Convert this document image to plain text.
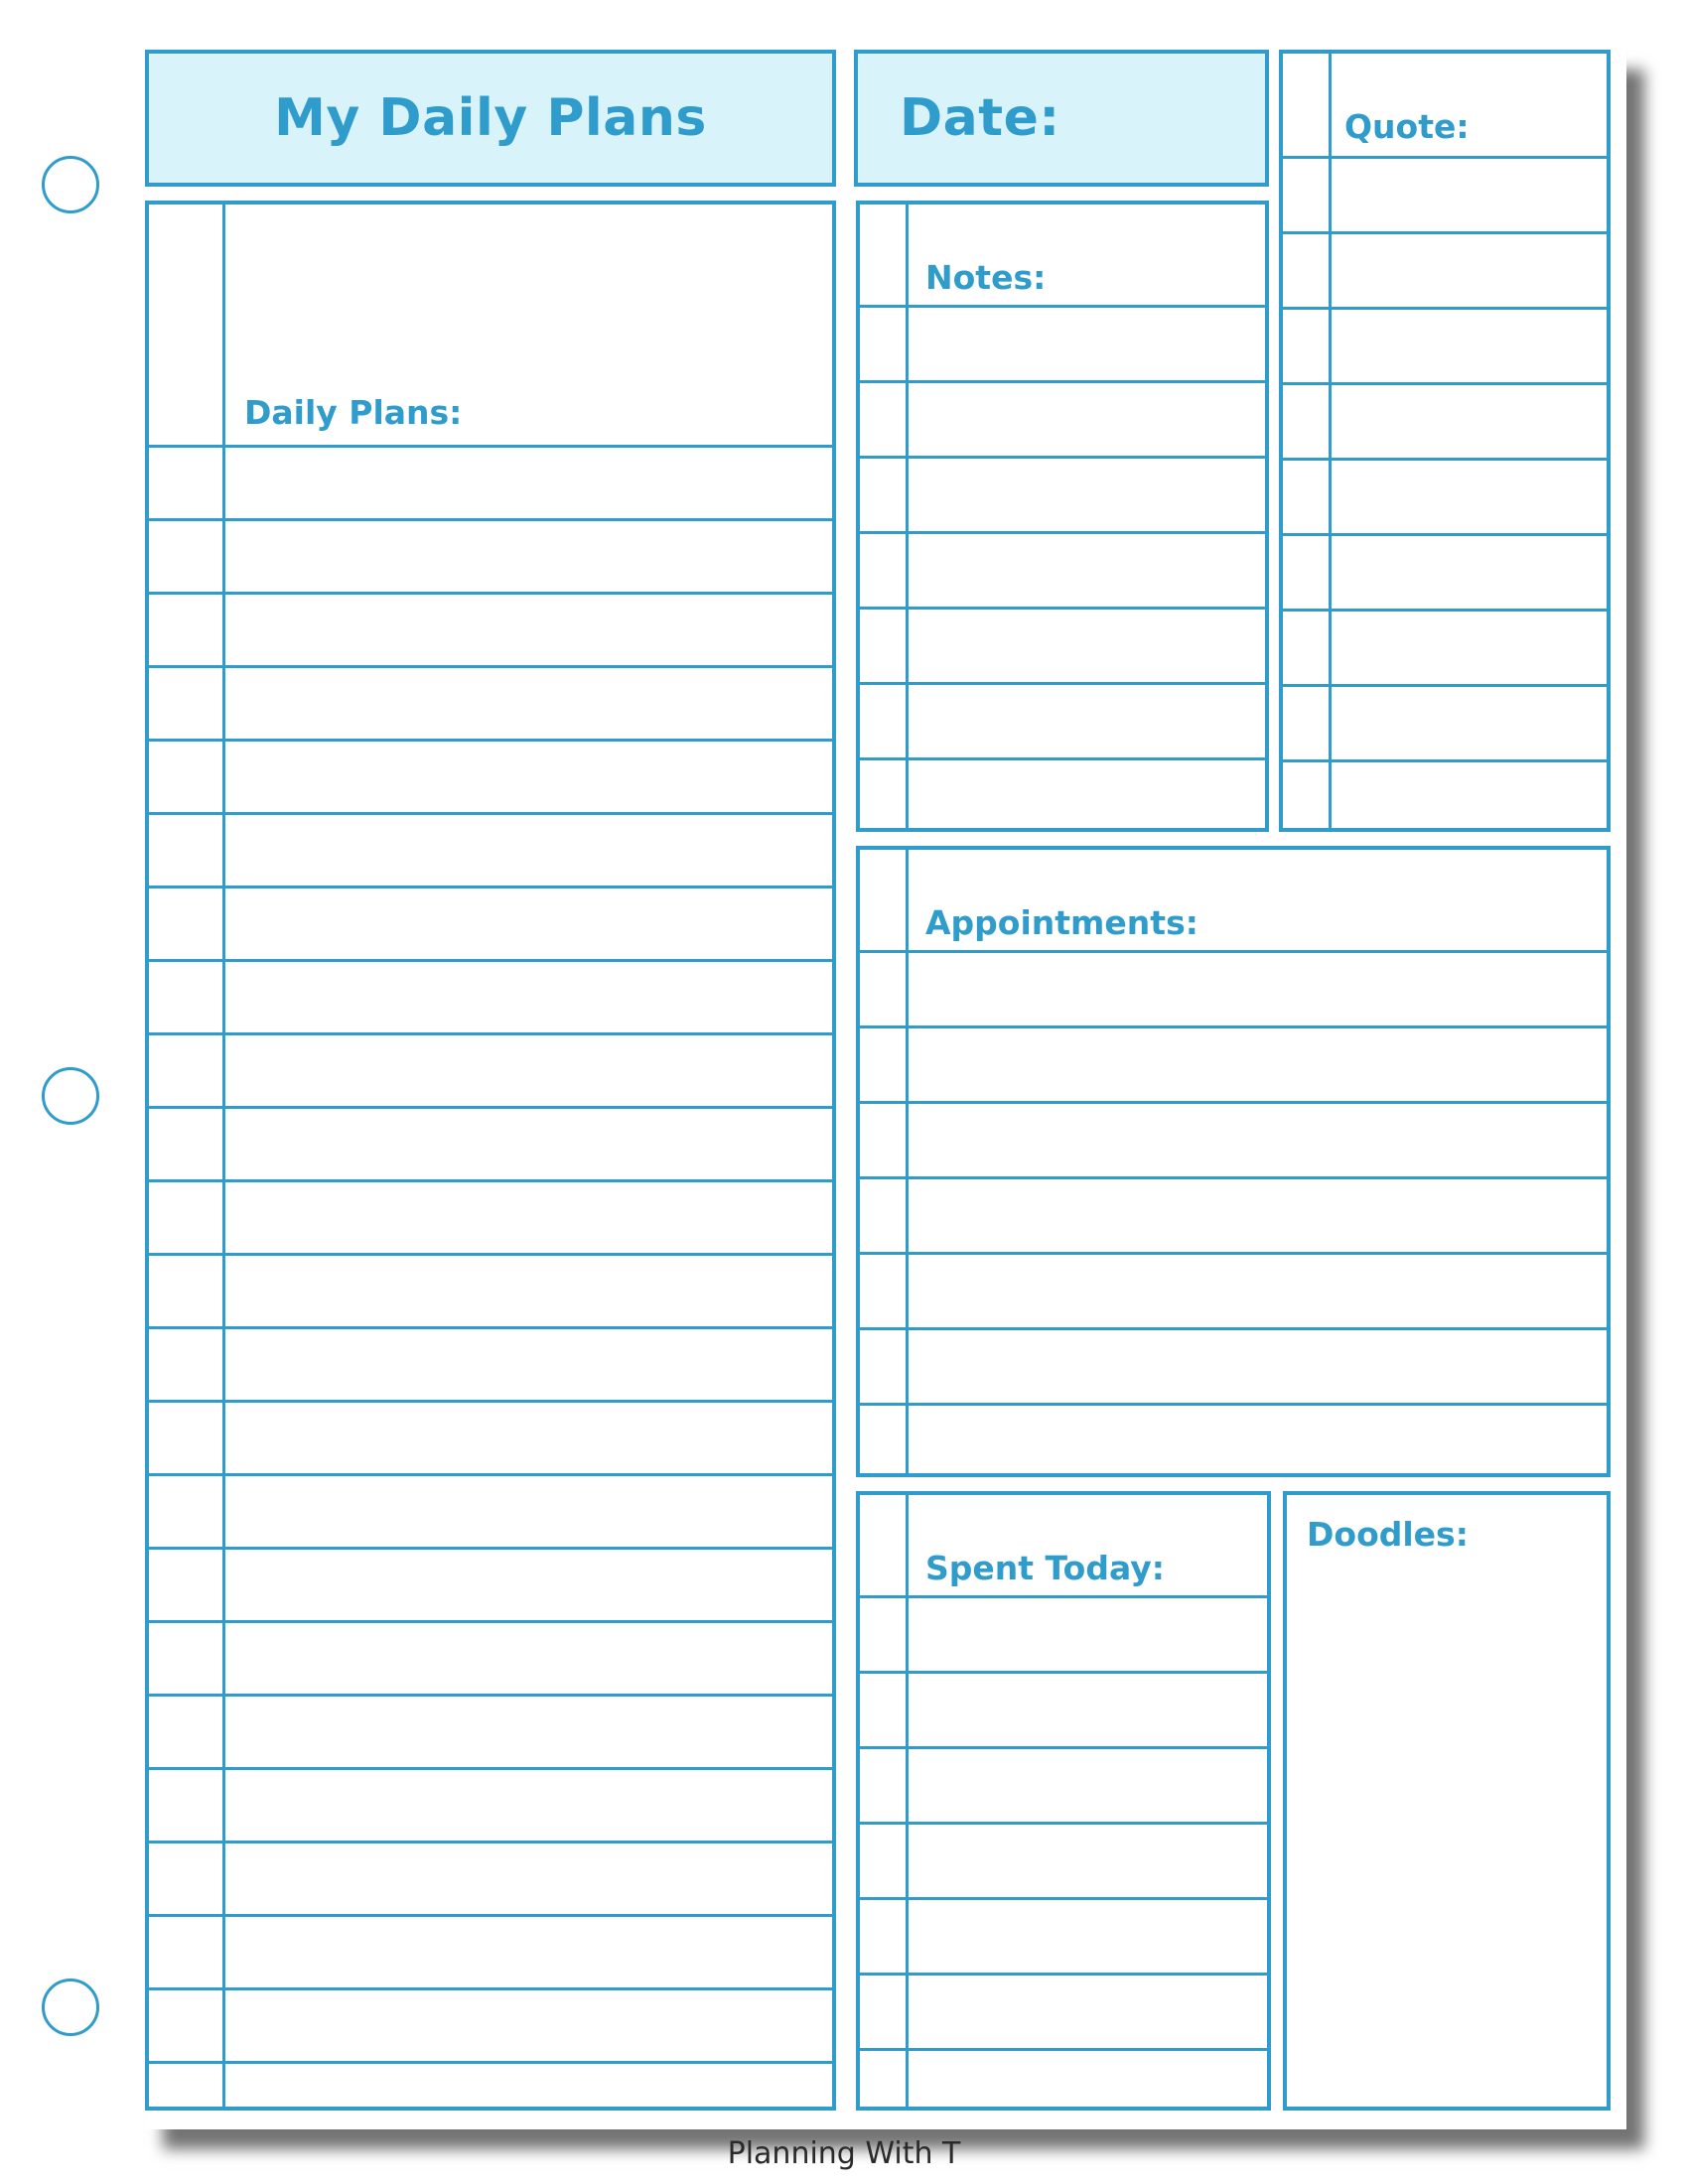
My Daily Plans	Date:	Quote:
Daily Plans:
Notes:
Appointments:
Spent Today:
Doodles:
Planning With T
